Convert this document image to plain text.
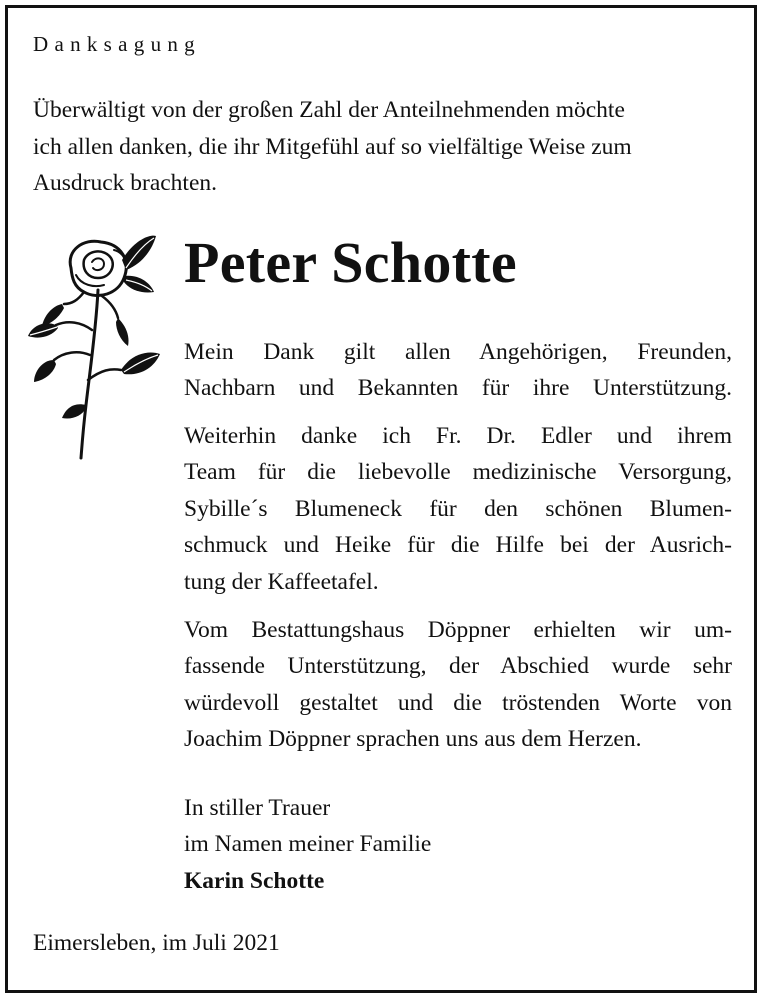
Danksagung
Überwältigt von der großen Zahl der Anteilnehmenden möchte
ich allen danken, die ihr Mitgefühl auf so vielfältige Weise zum
Ausdruck brachten.
Peter Schotte
Mein Dank gilt allen Angehörigen, Freunden,
Nachbarn und Bekannten für ihre Unterstützung.
Weiterhin danke ich Fr. Dr. Edler und ihrem
Team für die liebevolle medizinische Versorgung,
Sybille´s Blumeneck für den schönen Blumen-
schmuck und Heike für die Hilfe bei der Ausrich-
tung der Kaffeetafel.
Vom Bestattungshaus Döppner erhielten wir um-
fassende Unterstützung, der Abschied wurde sehr
würdevoll gestaltet und die tröstenden Worte von
Joachim Döppner sprachen uns aus dem Herzen.
In stiller Trauer
im Namen meiner Familie
Karin Schotte
Eimersleben, im Juli 2021
